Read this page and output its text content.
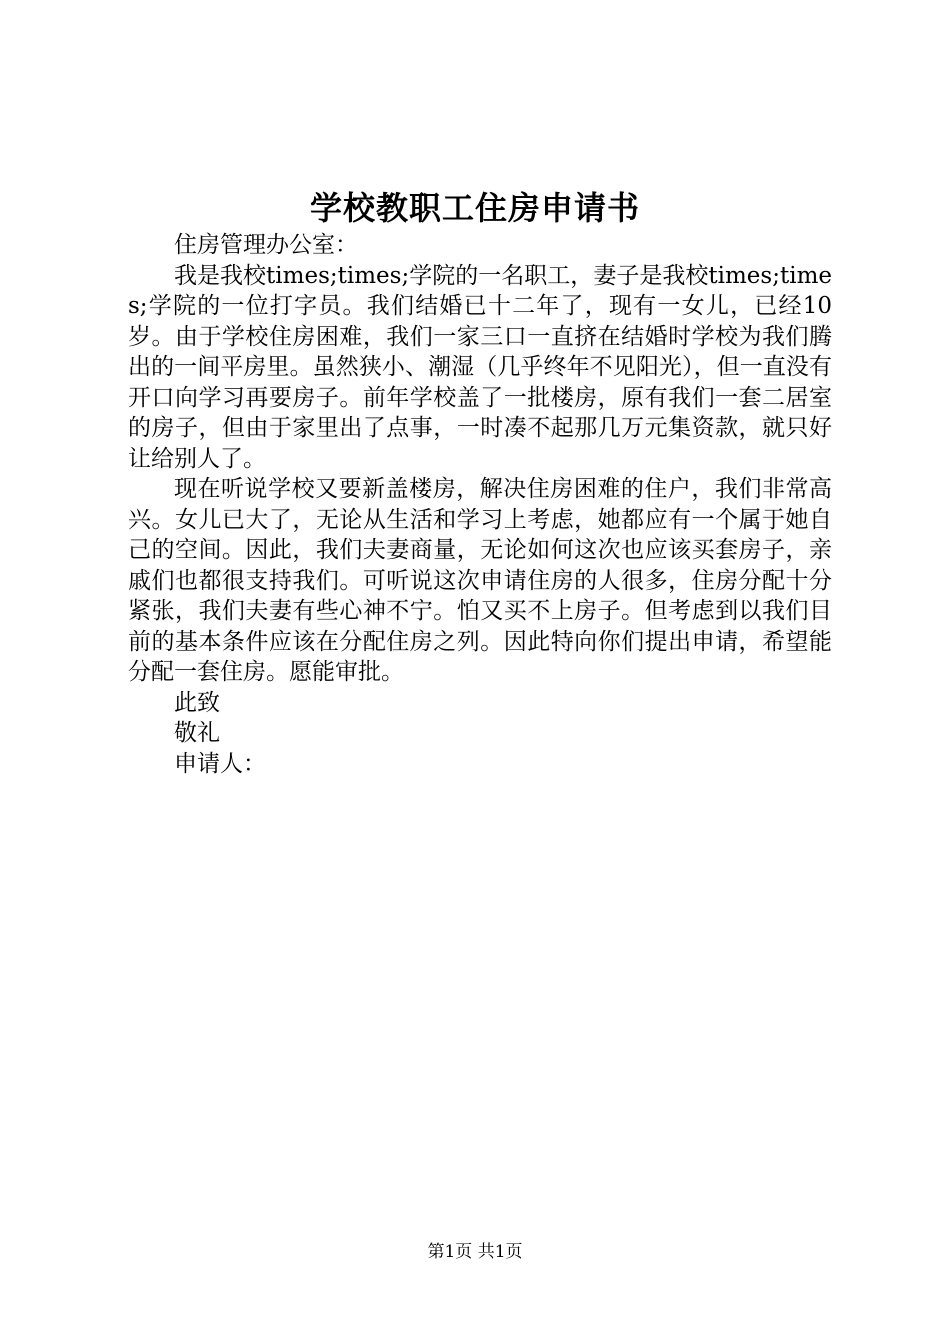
学校教职工住房申请书

住房管理办公室：

我是我校times;times;学院的一名职工，妻子是我校times;times;学院的一位打字员。我们结婚已十二年了，现有一女儿，已经10岁。由于学校住房困难，我们一家三口一直挤在结婚时学校为我们腾出的一间平房里。虽然狭小、潮湿（几乎终年不见阳光），但一直没有开口向学习再要房子。前年学校盖了一批楼房，原有我们一套二居室的房子，但由于家里出了点事，一时凑不起那几万元集资款，就只好让给别人了。

现在听说学校又要新盖楼房，解决住房困难的住户，我们非常高兴。女儿已大了，无论从生活和学习上考虑，她都应有一个属于她自己的空间。因此，我们夫妻商量，无论如何这次也应该买套房子，亲戚们也都很支持我们。可听说这次申请住房的人很多，住房分配十分紧张，我们夫妻有些心神不宁。怕又买不上房子。但考虑到以我们目前的基本条件应该在分配住房之列。因此特向你们提出申请，希望能分配一套住房。愿能审批。

此致

敬礼

申请人：

第1页 共1页
